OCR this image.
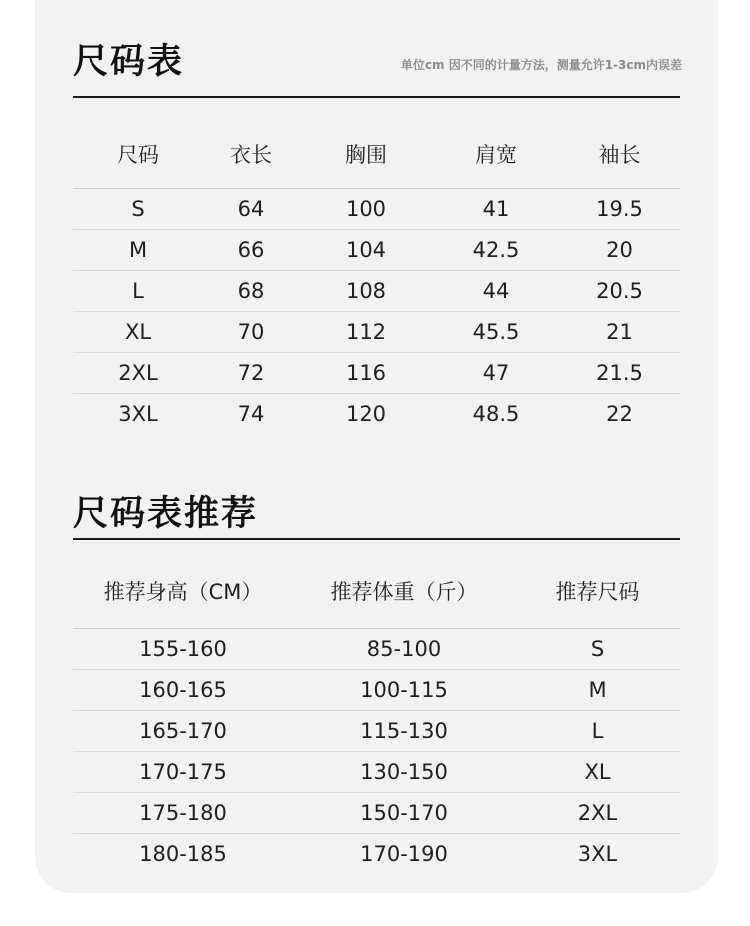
尺码表	单位cm 因不同的计量方法，测量允许1-3cm内误差
尺码	衣长	胸围	肩宽	袖长
S	64	100	41	19.5
M	66	104	42.5	20
L	68	108	44	20.5
XL	70	112	45.5	21
2XL	72	116	47	21.5
3XL	74	120	48.5	22
尺码表推荐
推荐身高（CM）	推荐体重（斤）	推荐尺码
155-160	85-100	S
160-165	100-115	M
165-170	115-130	L
170-175	130-150	XL
175-180	150-170	2XL
180-185	170-190	3XL
